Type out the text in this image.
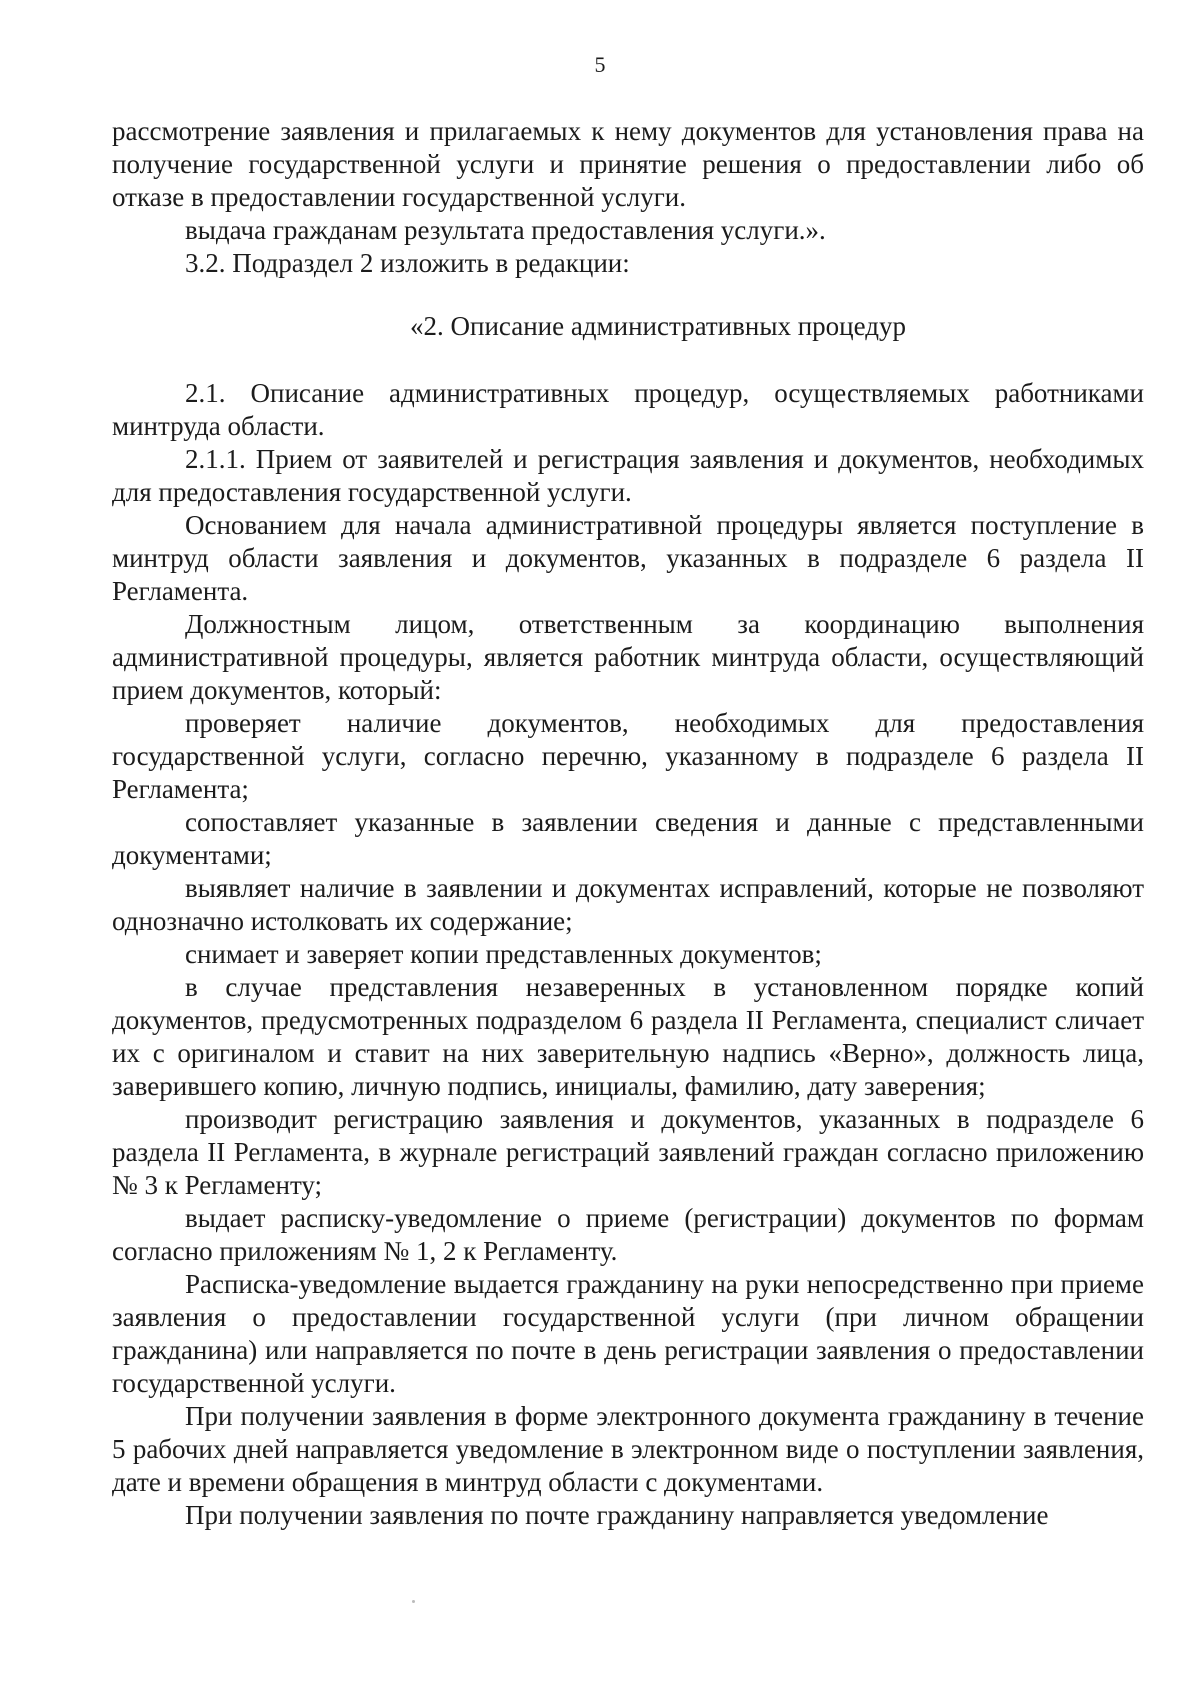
5

рассмотрение заявления и прилагаемых к нему документов для установления права на получение государственной услуги и принятие решения о предоставлении либо об отказе в предоставлении государственной услуги.

выдача гражданам результата предоставления услуги.».

3.2. Подраздел 2 изложить в редакции:

«2. Описание административных процедур

2.1. Описание административных процедур, осуществляемых работниками минтруда области.

2.1.1. Прием от заявителей и регистрация заявления и документов, необходимых для предоставления государственной услуги.

Основанием для начала административной процедуры является поступление в минтруд области заявления и документов, указанных в подразделе 6 раздела II Регламента.

Должностным лицом, ответственным за координацию выполнения административной процедуры, является работник минтруда области, осуществляющий прием документов, который:

проверяет наличие документов, необходимых для предоставления государственной услуги, согласно перечню, указанному в подразделе 6 раздела II Регламента;

сопоставляет указанные в заявлении сведения и данные с представленными документами;

выявляет наличие в заявлении и документах исправлений, которые не позволяют однозначно истолковать их содержание;

снимает и заверяет копии представленных документов;

в случае представления незаверенных в установленном порядке копий документов, предусмотренных подразделом 6 раздела II Регламента, специалист сличает их с оригиналом и ставит на них заверительную надпись «Верно», должность лица, заверившего копию, личную подпись, инициалы, фамилию, дату заверения;

производит регистрацию заявления и документов, указанных в подразделе 6 раздела II Регламента, в журнале регистраций заявлений граждан согласно приложению № 3 к Регламенту;

выдает расписку-уведомление о приеме (регистрации) документов по формам согласно приложениям № 1, 2 к Регламенту.

Расписка-уведомление выдается гражданину на руки непосредственно при приеме заявления о предоставлении государственной услуги (при личном обращении гражданина) или направляется по почте в день регистрации заявления о предоставлении государственной услуги.

При получении заявления в форме электронного документа гражданину в течение 5 рабочих дней направляется уведомление в электронном виде о поступлении заявления, дате и времени обращения в минтруд области с документами.

При получении заявления по почте гражданину направляется уведомление
